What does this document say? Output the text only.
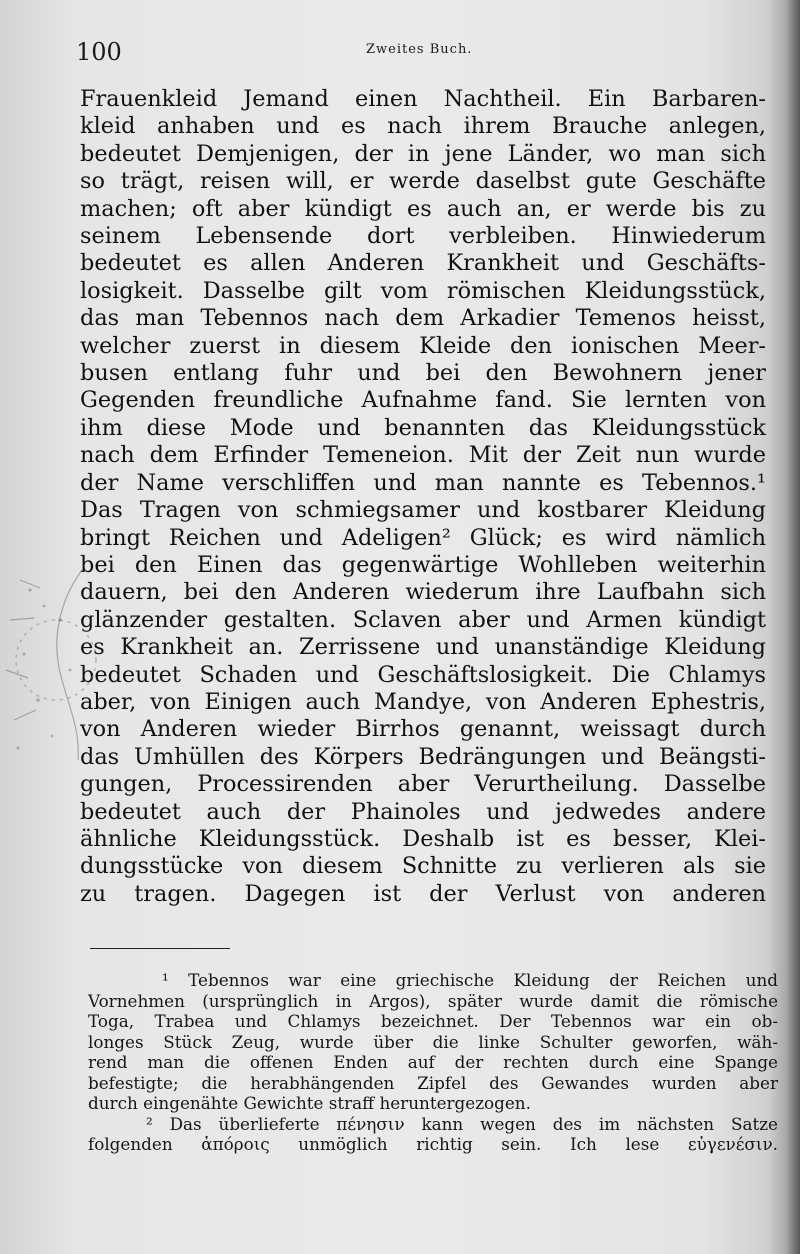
100	Zweites Buch.
Frauenkleid Jemand einen Nachtheil. Ein Barbaren-
kleid anhaben und es nach ihrem Brauche anlegen,
bedeutet Demjenigen, der in jene Länder, wo man sich
so trägt, reisen will, er werde daselbst gute Geschäfte
machen; oft aber kündigt es auch an, er werde bis zu
seinem Lebensende dort verbleiben. Hinwiederum
bedeutet es allen Anderen Krankheit und Geschäfts-
losigkeit. Dasselbe gilt vom römischen Kleidungsstück,
das man Tebennos nach dem Arkadier Temenos heisst,
welcher zuerst in diesem Kleide den ionischen Meer-
busen entlang fuhr und bei den Bewohnern jener
Gegenden freundliche Aufnahme fand. Sie lernten von
ihm diese Mode und benannten das Kleidungsstück
nach dem Erfinder Temeneion. Mit der Zeit nun wurde
der Name verschliffen und man nannte es Tebennos.¹
Das Tragen von schmiegsamer und kostbarer Kleidung
bringt Reichen und Adeligen² Glück; es wird nämlich
bei den Einen das gegenwärtige Wohlleben weiterhin
dauern, bei den Anderen wiederum ihre Laufbahn sich
glänzender gestalten. Sclaven aber und Armen kündigt
es Krankheit an. Zerrissene und unanständige Kleidung
bedeutet Schaden und Geschäftslosigkeit. Die Chlamys
aber, von Einigen auch Mandye, von Anderen Ephestris,
von Anderen wieder Birrhos genannt, weissagt durch
das Umhüllen des Körpers Bedrängungen und Beängsti-
gungen, Processirenden aber Verurtheilung. Dasselbe
bedeutet auch der Phainoles und jedwedes andere
ähnliche Kleidungsstück. Deshalb ist es besser, Klei-
dungsstücke von diesem Schnitte zu verlieren als sie
zu tragen. Dagegen ist der Verlust von anderen
¹ Tebennos war eine griechische Kleidung der Reichen und
Vornehmen (ursprünglich in Argos), später wurde damit die römische
Toga, Trabea und Chlamys bezeichnet. Der Tebennos war ein ob-
longes Stück Zeug, wurde über die linke Schulter geworfen, wäh-
rend man die offenen Enden auf der rechten durch eine Spange
befestigte; die herabhängenden Zipfel des Gewandes wurden aber
durch eingenähte Gewichte straff heruntergezogen.
² Das überlieferte πένησιν kann wegen des im nächsten Satze
folgenden ἀπόροις unmöglich richtig sein. Ich lese εὐγενέσιν.
